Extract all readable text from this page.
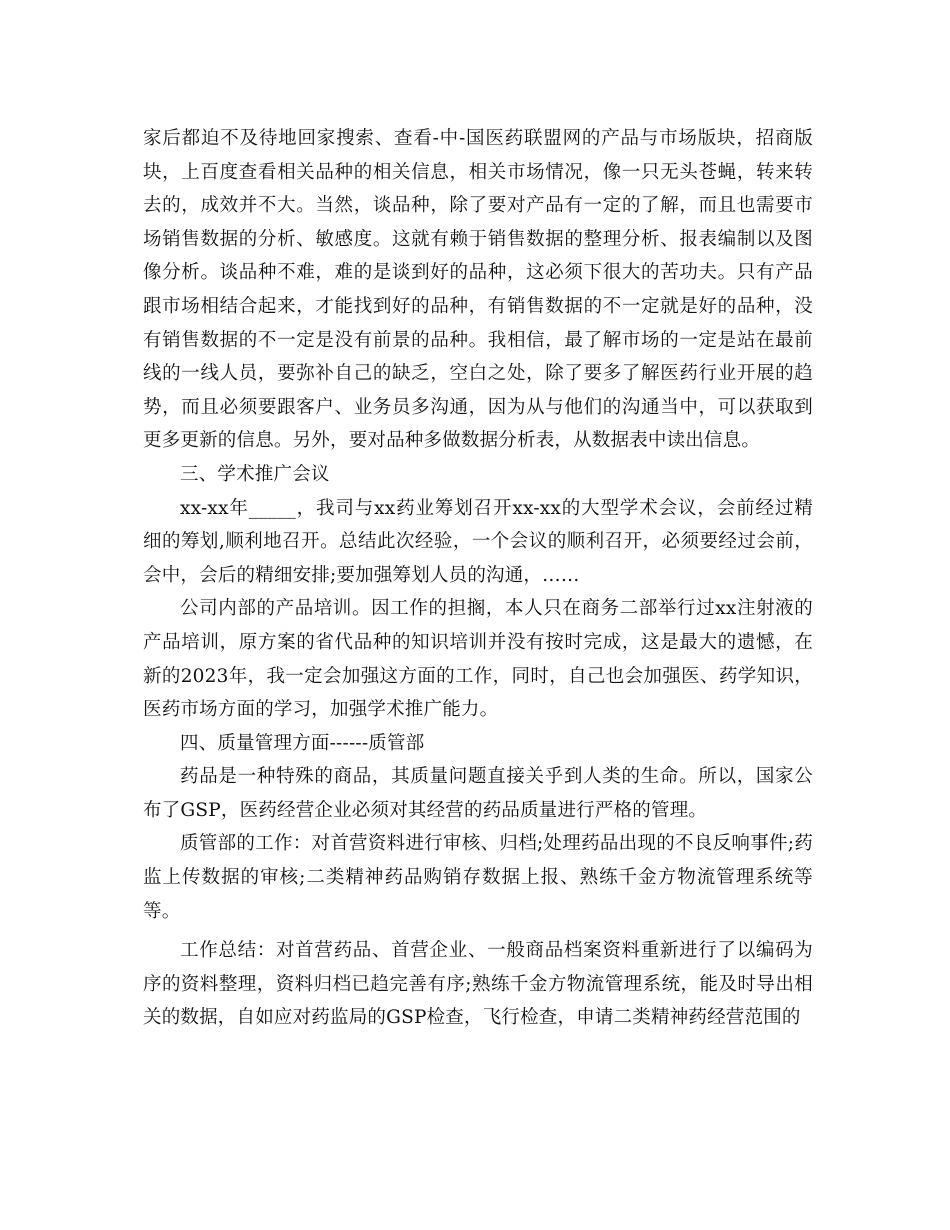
家后都迫不及待地回家搜索、查看-中-国医药联盟网的产品与市场版块，招商版块，上百度查看相关品种的相关信息，相关市场情况，像一只无头苍蝇，转来转去的，成效并不大。当然，谈品种，除了要对产品有一定的了解，而且也需要市场销售数据的分析、敏感度。这就有赖于销售数据的整理分析、报表编制以及图像分析。谈品种不难，难的是谈到好的品种，这必须下很大的苦功夫。只有产品跟市场相结合起来，才能找到好的品种，有销售数据的不一定就是好的品种，没有销售数据的不一定是没有前景的品种。我相信，最了解市场的一定是站在最前线的一线人员，要弥补自己的缺乏，空白之处，除了要多了解医药行业开展的趋势，而且必须要跟客户、业务员多沟通，因为从与他们的沟通当中，可以获取到更多更新的信息。另外，要对品种多做数据分析表，从数据表中读出信息。

三、学术推广会议

xx-xx年_____，我司与xx药业筹划召开xx-xx的大型学术会议，会前经过精细的筹划,顺利地召开。总结此次经验，一个会议的顺利召开，必须要经过会前，会中，会后的精细安排;要加强筹划人员的沟通，……

公司内部的产品培训。因工作的担搁，本人只在商务二部举行过xx注射液的产品培训，原方案的省代品种的知识培训并没有按时完成，这是最大的遗憾，在新的2023年，我一定会加强这方面的工作，同时，自己也会加强医、药学知识，医药市场方面的学习，加强学术推广能力。

四、质量管理方面------质管部

药品是一种特殊的商品，其质量问题直接关乎到人类的生命。所以，国家公布了GSP，医药经营企业必须对其经营的药品质量进行严格的管理。

质管部的工作：对首营资料进行审核、归档;处理药品出现的不良反响事件;药监上传数据的审核;二类精神药品购销存数据上报、熟练千金方物流管理系统等等。

工作总结：对首营药品、首营企业、一般商品档案资料重新进行了以编码为序的资料整理，资料归档已趋完善有序;熟练千金方物流管理系统，能及时导出相关的数据，自如应对药监局的GSP检查，飞行检查，申请二类精神药经营范围的
